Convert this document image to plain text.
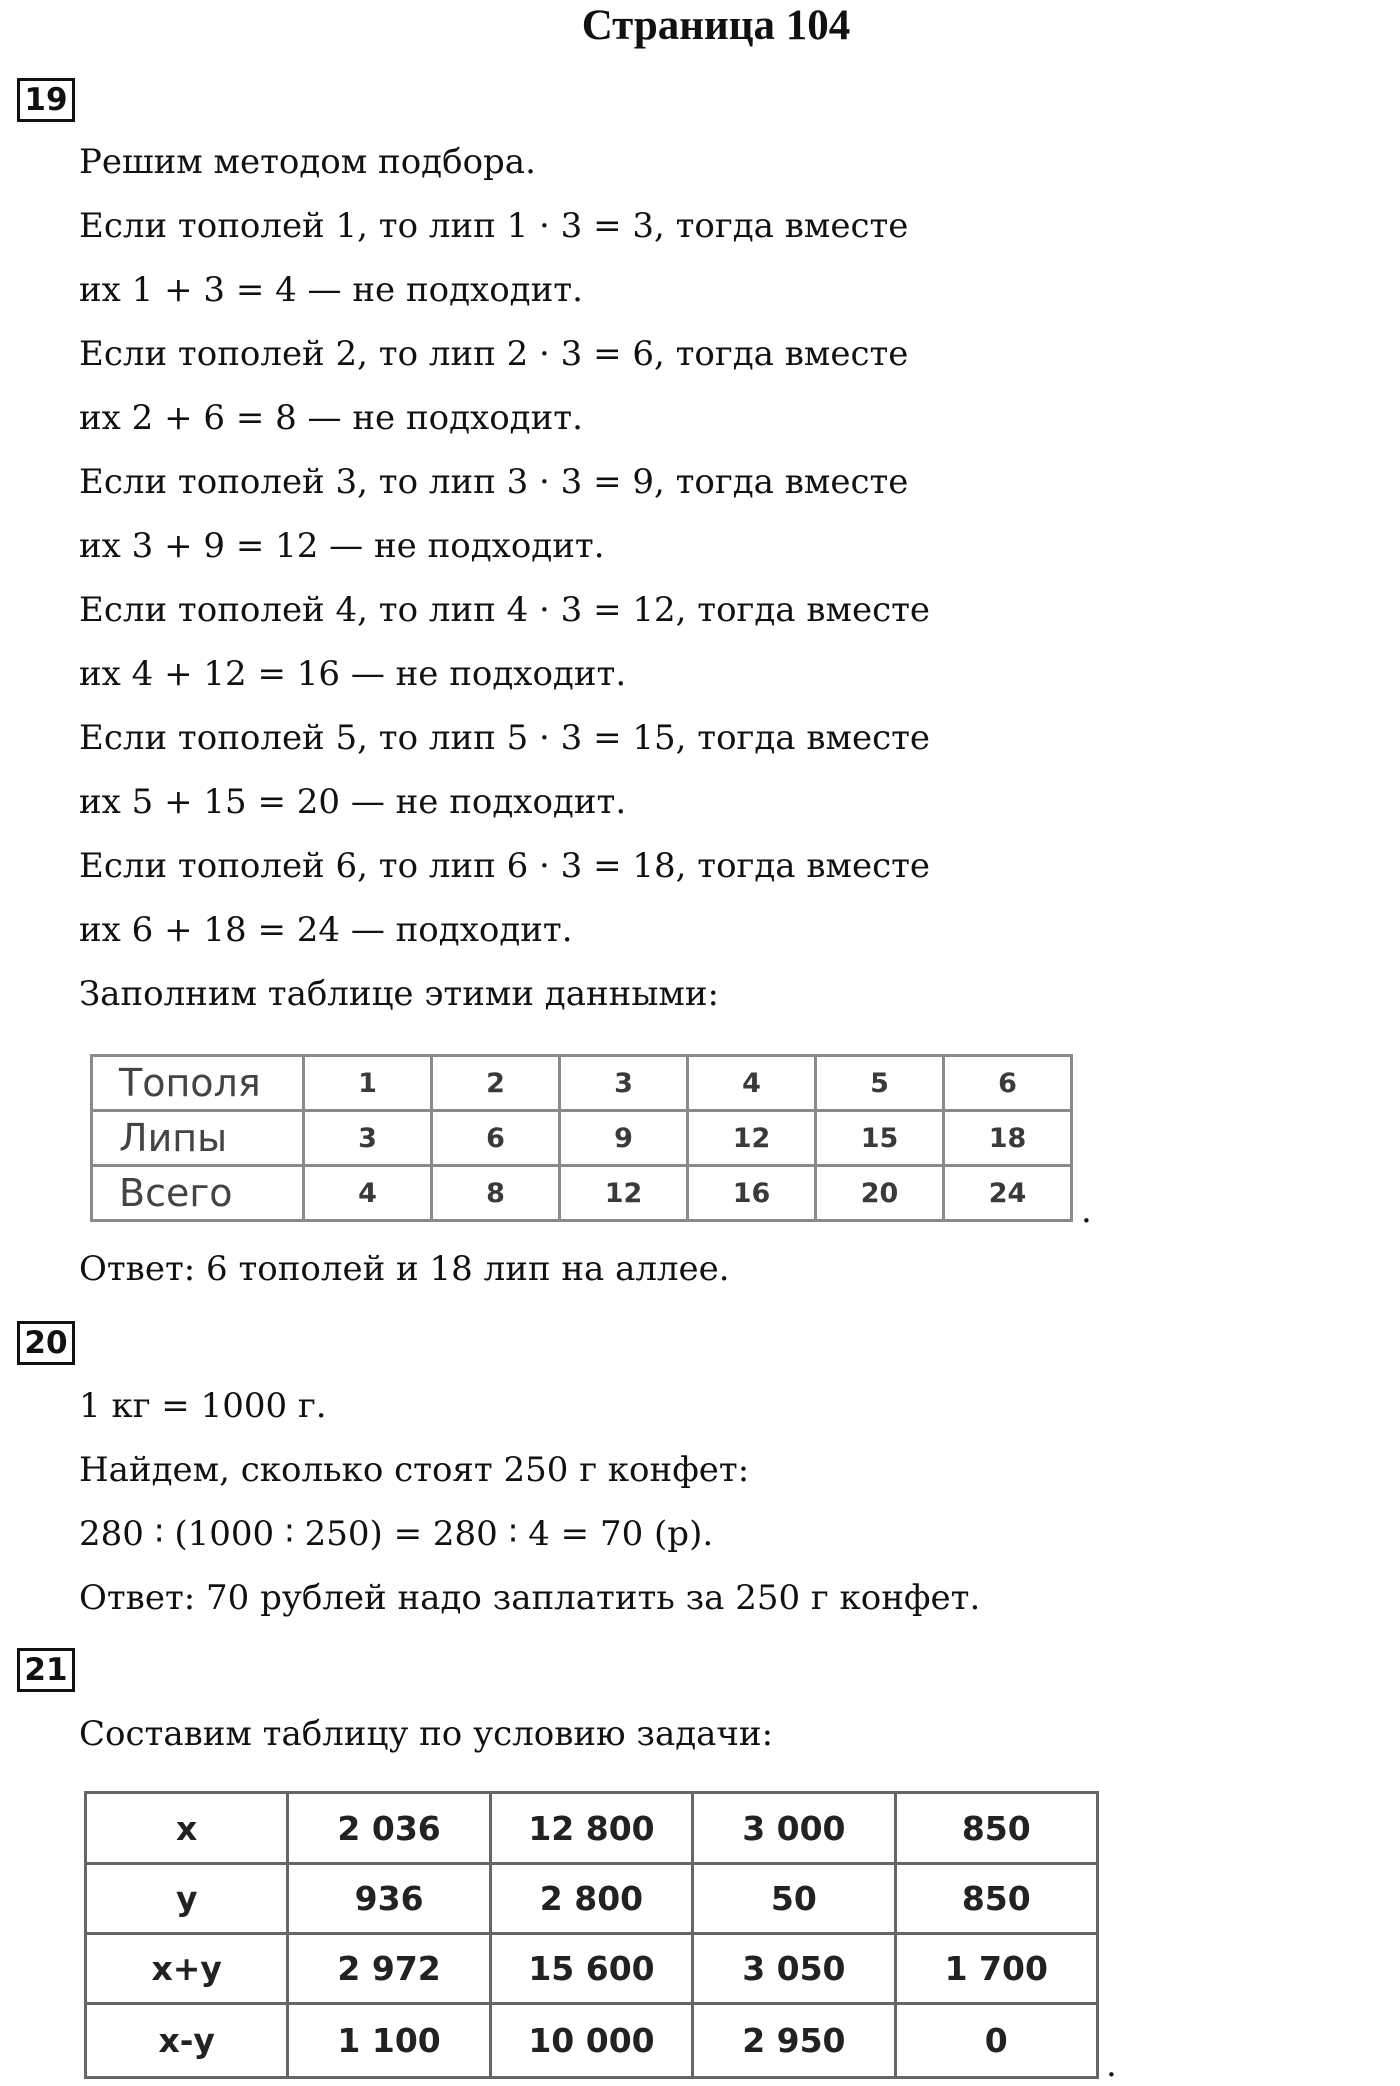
Страница 104
19
Решим методом подбора.
Если тополей 1, то лип 1 · 3 = 3, тогда вместе
их 1 + 3 = 4 — не подходит.
Если тополей 2, то лип 2 · 3 = 6, тогда вместе
их 2 + 6 = 8 — не подходит.
Если тополей 3, то лип 3 · 3 = 9, тогда вместе
их 3 + 9 = 12 — не подходит.
Если тополей 4, то лип 4 · 3 = 12, тогда вместе
их 4 + 12 = 16 — не подходит.
Если тополей 5, то лип 5 · 3 = 15, тогда вместе
их 5 + 15 = 20 — не подходит.
Если тополей 6, то лип 6 · 3 = 18, тогда вместе
их 6 + 18 = 24 — подходит.
Заполним таблице этими данными:
Тополя	1	2	3	4	5	6
Липы	3	6	9	12	15	18
Всего	4	8	12	16	20	24 .
Ответ: 6 тополей и 18 лип на аллее.
20
1 кг = 1000 г.
Найдем, сколько стоят 250 г конфет:
280 ∶ (1000 ∶ 250) = 280 ∶ 4 = 70 (р).
Ответ: 70 рублей надо заплатить за 250 г конфет.
21
Составим таблицу по условию задачи:
x	2 036	12 800	3 000	850
y	936	2 800	50	850
x+y	2 972	15 600	3 050	1 700
x-y	1 100	10 000	2 950	0
.
